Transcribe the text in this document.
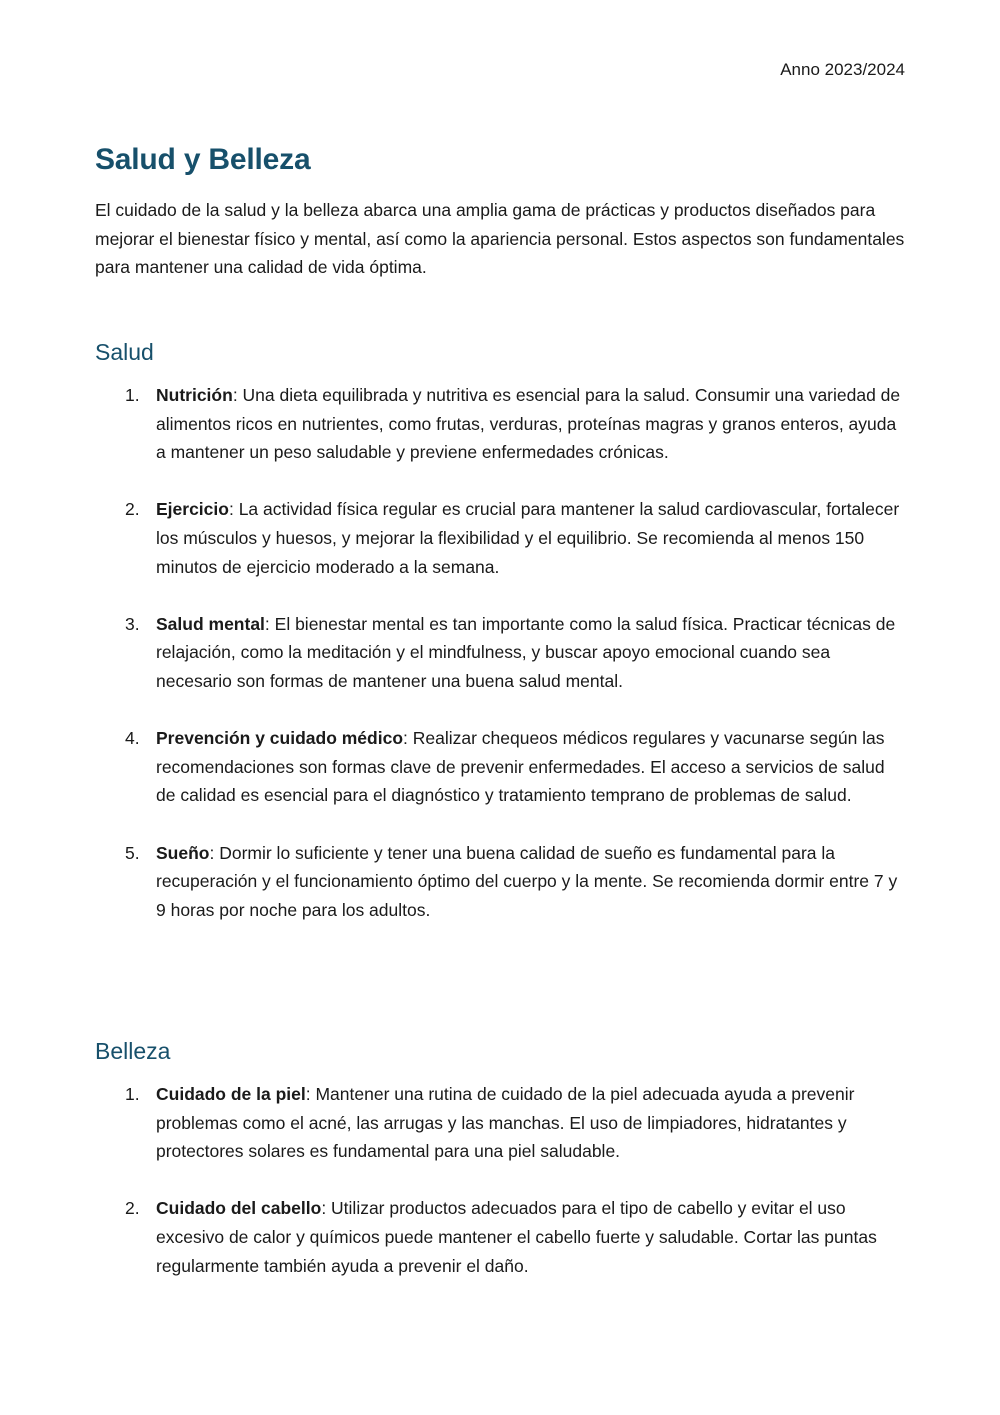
Anno 2023/2024
Salud y Belleza

El cuidado de la salud y la belleza abarca una amplia gama de prácticas y productos diseñados para mejorar el bienestar físico y mental, así como la apariencia personal. Estos aspectos son fundamentales para mantener una calidad de vida óptima.

Salud
1. Nutrición: Una dieta equilibrada y nutritiva es esencial para la salud. Consumir una variedad de alimentos ricos en nutrientes, como frutas, verduras, proteínas magras y granos enteros, ayuda a mantener un peso saludable y previene enfermedades crónicas.
2. Ejercicio: La actividad física regular es crucial para mantener la salud cardiovascular, fortalecer los músculos y huesos, y mejorar la flexibilidad y el equilibrio. Se recomienda al menos 150 minutos de ejercicio moderado a la semana.
3. Salud mental: El bienestar mental es tan importante como la salud física. Practicar técnicas de relajación, como la meditación y el mindfulness, y buscar apoyo emocional cuando sea necesario son formas de mantener una buena salud mental.
4. Prevención y cuidado médico: Realizar chequeos médicos regulares y vacunarse según las recomendaciones son formas clave de prevenir enfermedades. El acceso a servicios de salud de calidad es esencial para el diagnóstico y tratamiento temprano de problemas de salud.
5. Sueño: Dormir lo suficiente y tener una buena calidad de sueño es fundamental para la recuperación y el funcionamiento óptimo del cuerpo y la mente. Se recomienda dormir entre 7 y 9 horas por noche para los adultos.
Belleza
1. Cuidado de la piel: Mantener una rutina de cuidado de la piel adecuada ayuda a prevenir problemas como el acné, las arrugas y las manchas. El uso de limpiadores, hidratantes y protectores solares es fundamental para una piel saludable.
2. Cuidado del cabello: Utilizar productos adecuados para el tipo de cabello y evitar el uso excesivo de calor y químicos puede mantener el cabello fuerte y saludable. Cortar las puntas regularmente también ayuda a prevenir el daño.
